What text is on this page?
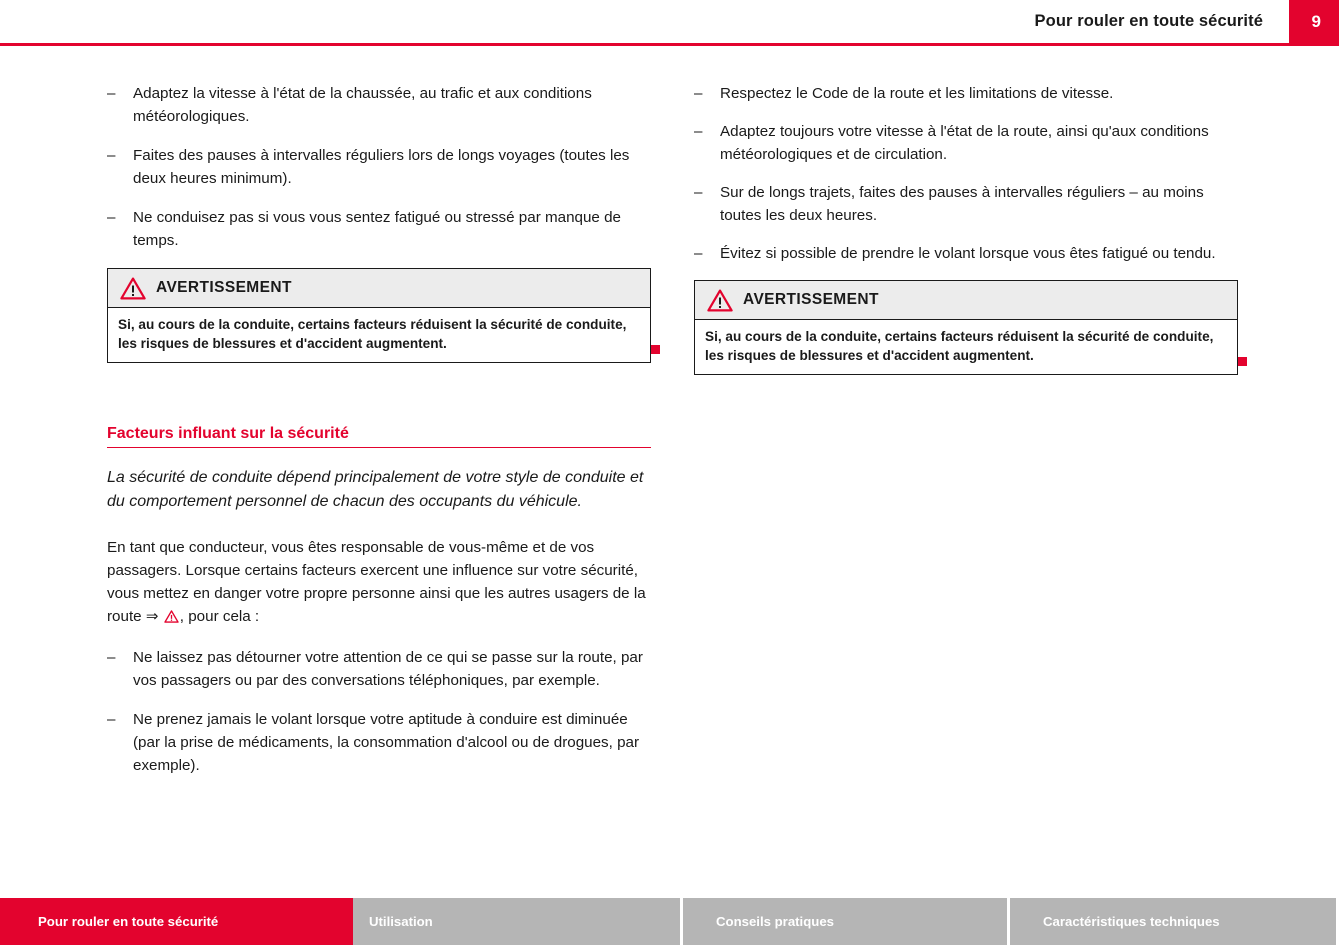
Pour rouler en toute sécurité	9
– Adaptez la vitesse à l'état de la chaussée, au trafic et aux conditions météorologiques.
– Faites des pauses à intervalles réguliers lors de longs voyages (toutes les deux heures minimum).
– Ne conduisez pas si vous vous sentez fatigué ou stressé par manque de temps.
AVERTISSEMENT
Si, au cours de la conduite, certains facteurs réduisent la sécurité de conduite, les risques de blessures et d'accident augmentent.
Facteurs influant sur la sécurité

La sécurité de conduite dépend principalement de votre style de conduite et du comportement personnel de chacun des occupants du véhicule.

En tant que conducteur, vous êtes responsable de vous-même et de vos passagers. Lorsque certains facteurs exercent une influence sur votre sécurité, vous mettez en danger votre propre personne ainsi que les autres usagers de la route ⇒ , pour cela :

– Ne laissez pas détourner votre attention de ce qui se passe sur la route, par vos passagers ou par des conversations téléphoniques, par exemple.
– Ne prenez jamais le volant lorsque votre aptitude à conduire est diminuée (par la prise de médicaments, la consommation d'alcool ou de drogues, par exemple).
– Respectez le Code de la route et les limitations de vitesse.
– Adaptez toujours votre vitesse à l'état de la route, ainsi qu'aux conditions météorologiques et de circulation.
– Sur de longs trajets, faites des pauses à intervalles réguliers – au moins toutes les deux heures.
– Évitez si possible de prendre le volant lorsque vous êtes fatigué ou tendu.
AVERTISSEMENT
Si, au cours de la conduite, certains facteurs réduisent la sécurité de conduite, les risques de blessures et d'accident augmentent.
Pour rouler en toute sécurité	Utilisation	Conseils pratiques	Caractéristiques techniques
